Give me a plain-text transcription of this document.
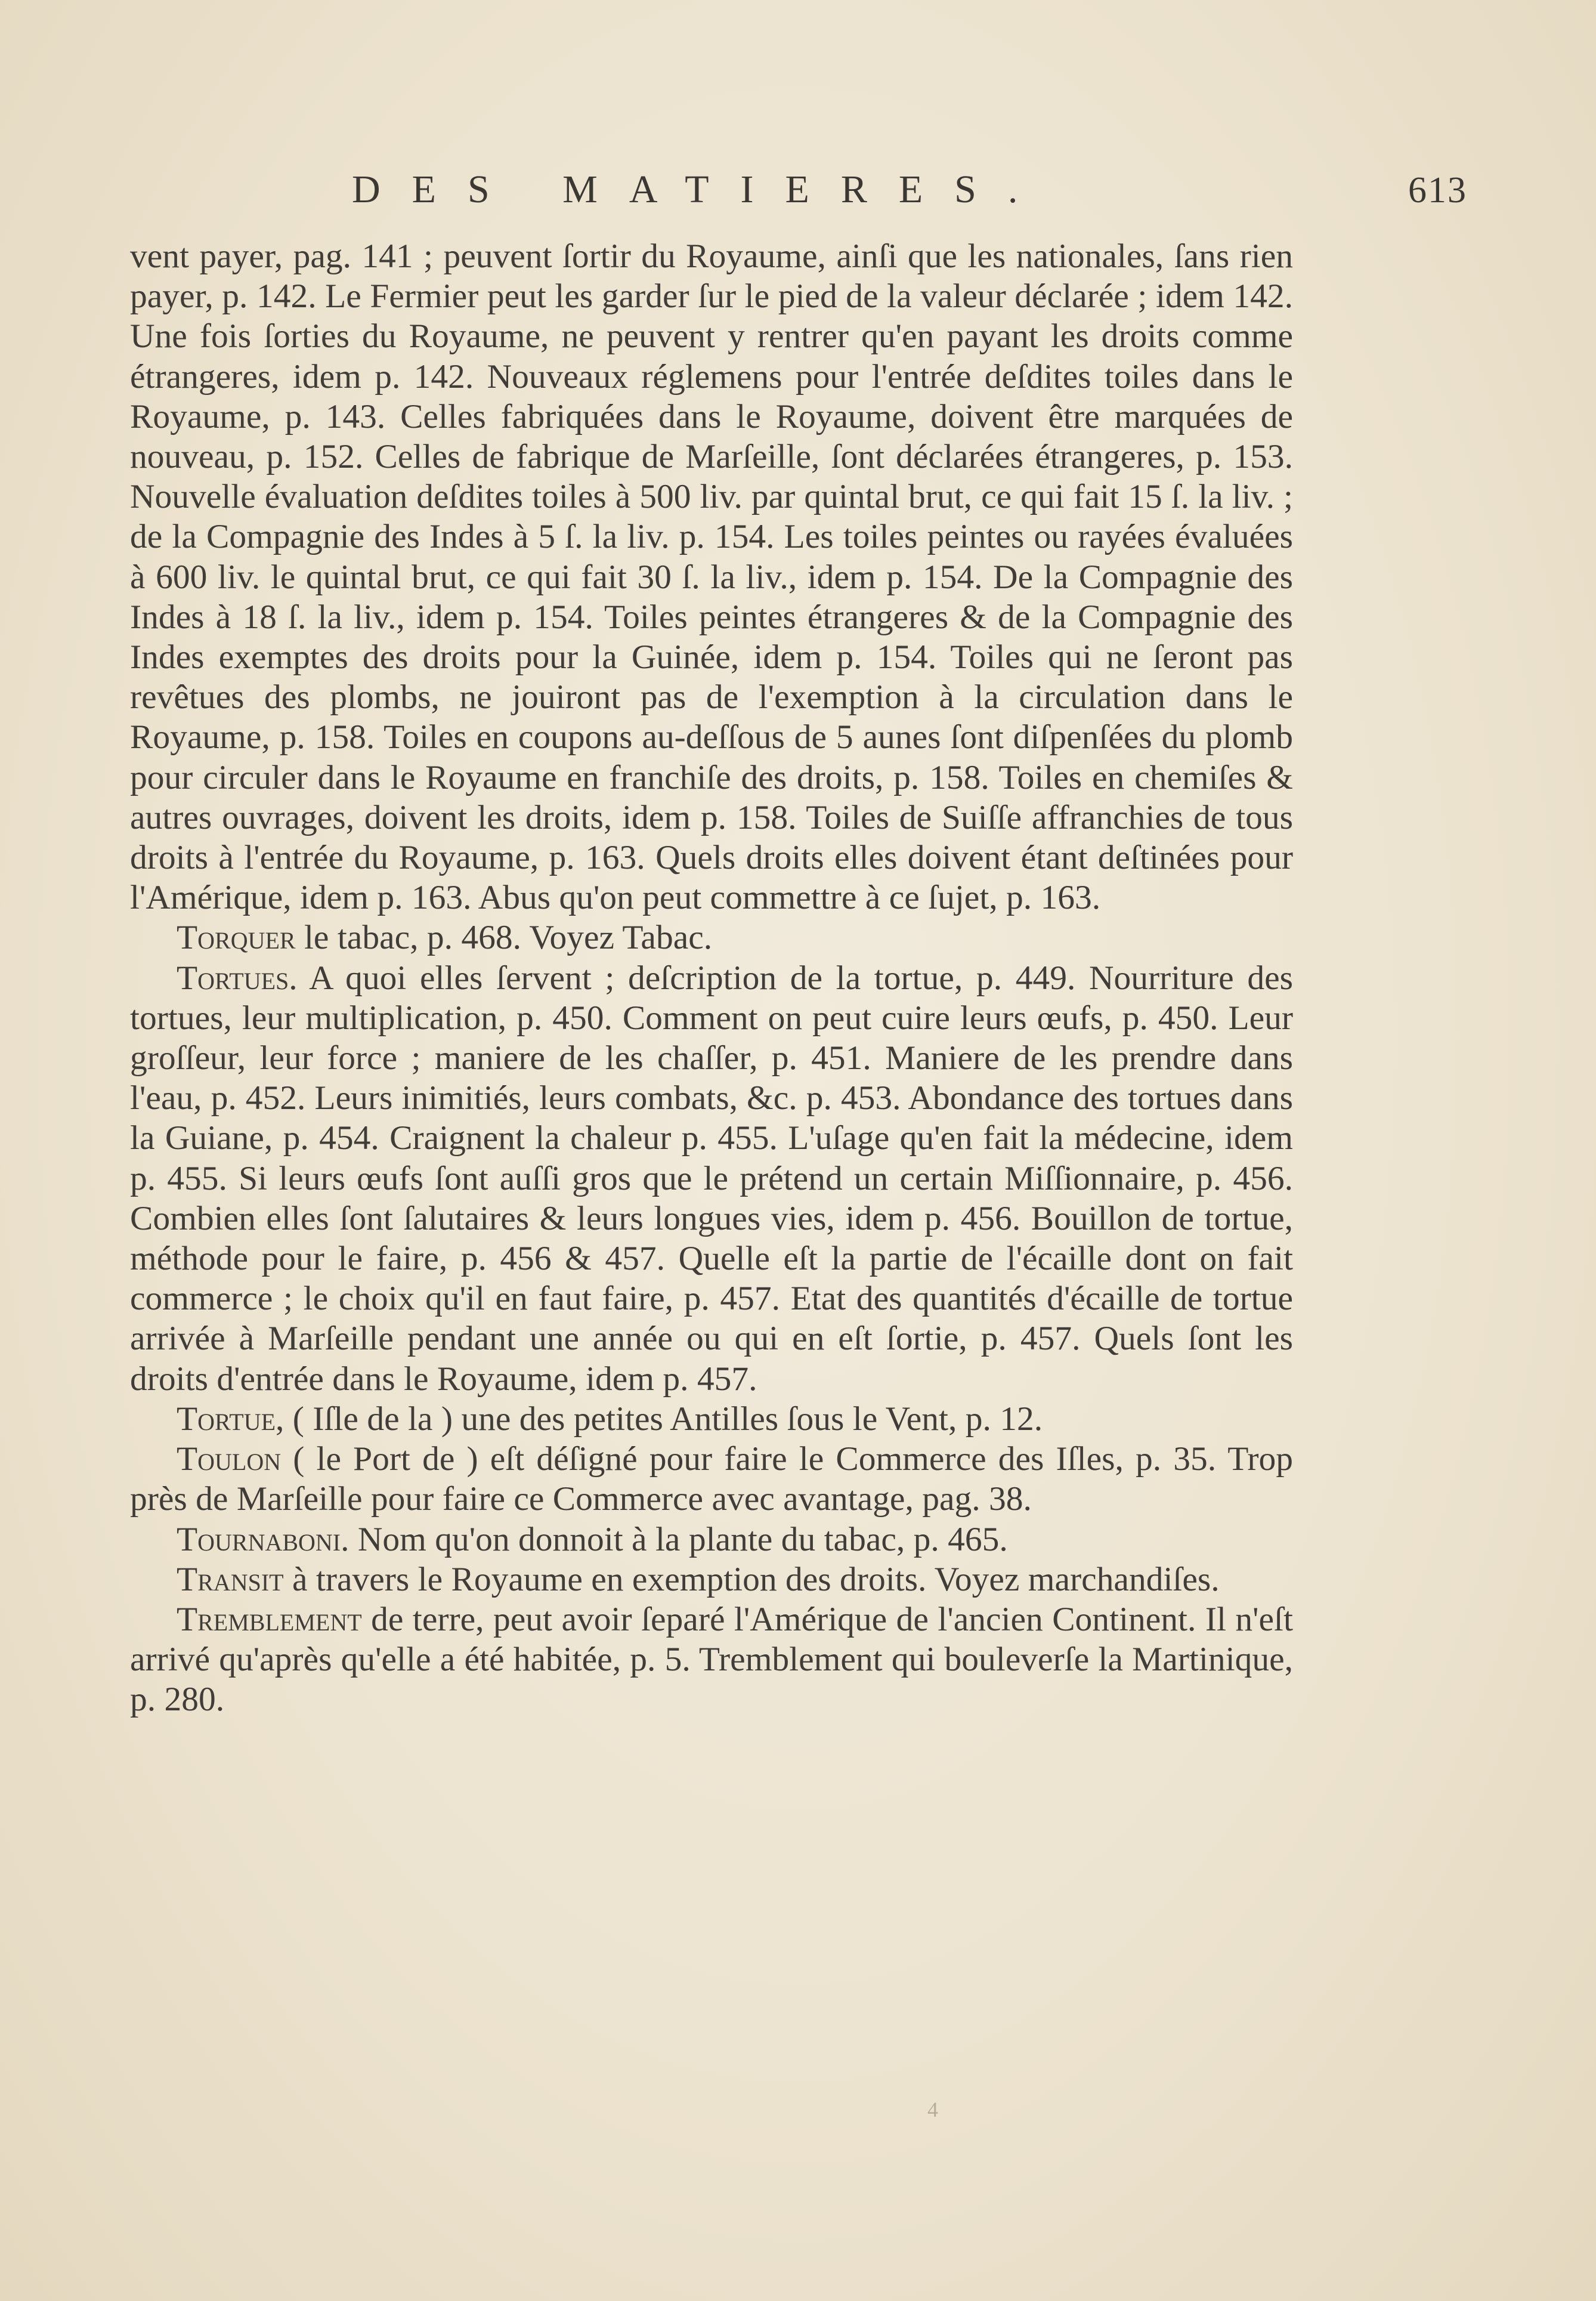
DES MATIERES.	613

vent payer, pag. 141 ; peuvent ſortir du Royaume, ainſi que les nationales, ſans rien payer, p. 142. Le Fermier peut les garder ſur le pied de la valeur déclarée ; idem 142. Une fois ſorties du Royaume, ne peuvent y rentrer qu'en payant les droits comme étrangeres, idem p. 142. Nouveaux réglemens pour l'entrée deſdites toiles dans le Royaume, p. 143. Celles fabriquées dans le Royaume, doivent être marquées de nouveau, p. 152. Celles de fabrique de Marſeille, ſont déclarées étrangeres, p. 153. Nouvelle évaluation deſdites toiles à 500 liv. par quintal brut, ce qui fait 15 ſ. la liv. ; de la Compagnie des Indes à 5 ſ. la liv. p. 154. Les toiles peintes ou rayées évaluées à 600 liv. le quintal brut, ce qui fait 30 ſ. la liv., idem p. 154. De la Compagnie des Indes à 18 ſ. la liv., idem p. 154. Toiles peintes étrangeres & de la Compagnie des Indes exemptes des droits pour la Guinée, idem p. 154. Toiles qui ne ſeront pas revêtues des plombs, ne jouiront pas de l'exemption à la circulation dans le Royaume, p. 158. Toiles en coupons au-deſſous de 5 aunes ſont diſpenſées du plomb pour circuler dans le Royaume en franchiſe des droits, p. 158. Toiles en chemiſes & autres ouvrages, doivent les droits, idem p. 158. Toiles de Suiſſe affranchies de tous droits à l'entrée du Royaume, p. 163. Quels droits elles doivent étant deſtinées pour l'Amérique, idem p. 163. Abus qu'on peut commettre à ce ſujet, p. 163.

Torquer le tabac, p. 468. Voyez Tabac.

Tortues. A quoi elles ſervent ; deſcription de la tortue, p. 449. Nourriture des tortues, leur multiplication, p. 450. Comment on peut cuire leurs œufs, p. 450. Leur groſſeur, leur force ; maniere de les chaſſer, p. 451. Maniere de les prendre dans l'eau, p. 452. Leurs inimitiés, leurs combats, &c. p. 453. Abondance des tortues dans la Guiane, p. 454. Craignent la chaleur p. 455. L'uſage qu'en fait la médecine, idem p. 455. Si leurs œufs ſont auſſi gros que le prétend un certain Miſſionnaire, p. 456. Combien elles ſont ſalutaires & leurs longues vies, idem p. 456. Bouillon de tortue, méthode pour le faire, p. 456 & 457. Quelle eſt la partie de l'écaille dont on fait commerce ; le choix qu'il en faut faire, p. 457. Etat des quantités d'écaille de tortue arrivée à Marſeille pendant une année ou qui en eſt ſortie, p. 457. Quels ſont les droits d'entrée dans le Royaume, idem p. 457.

Tortue, ( Iſle de la ) une des petites Antilles ſous le Vent, p. 12.

Toulon ( le Port de ) eſt déſigné pour faire le Commerce des Iſles, p. 35. Trop près de Marſeille pour faire ce Commerce avec avantage, pag. 38.

Tournaboni. Nom qu'on donnoit à la plante du tabac, p. 465.

Transit à travers le Royaume en exemption des droits. Voyez marchandiſes.

Tremblement de terre, peut avoir ſeparé l'Amérique de l'ancien Continent. Il n'eſt arrivé qu'après qu'elle a été habitée, p. 5. Tremblement qui bouleverſe la Martinique, p. 280.

4
